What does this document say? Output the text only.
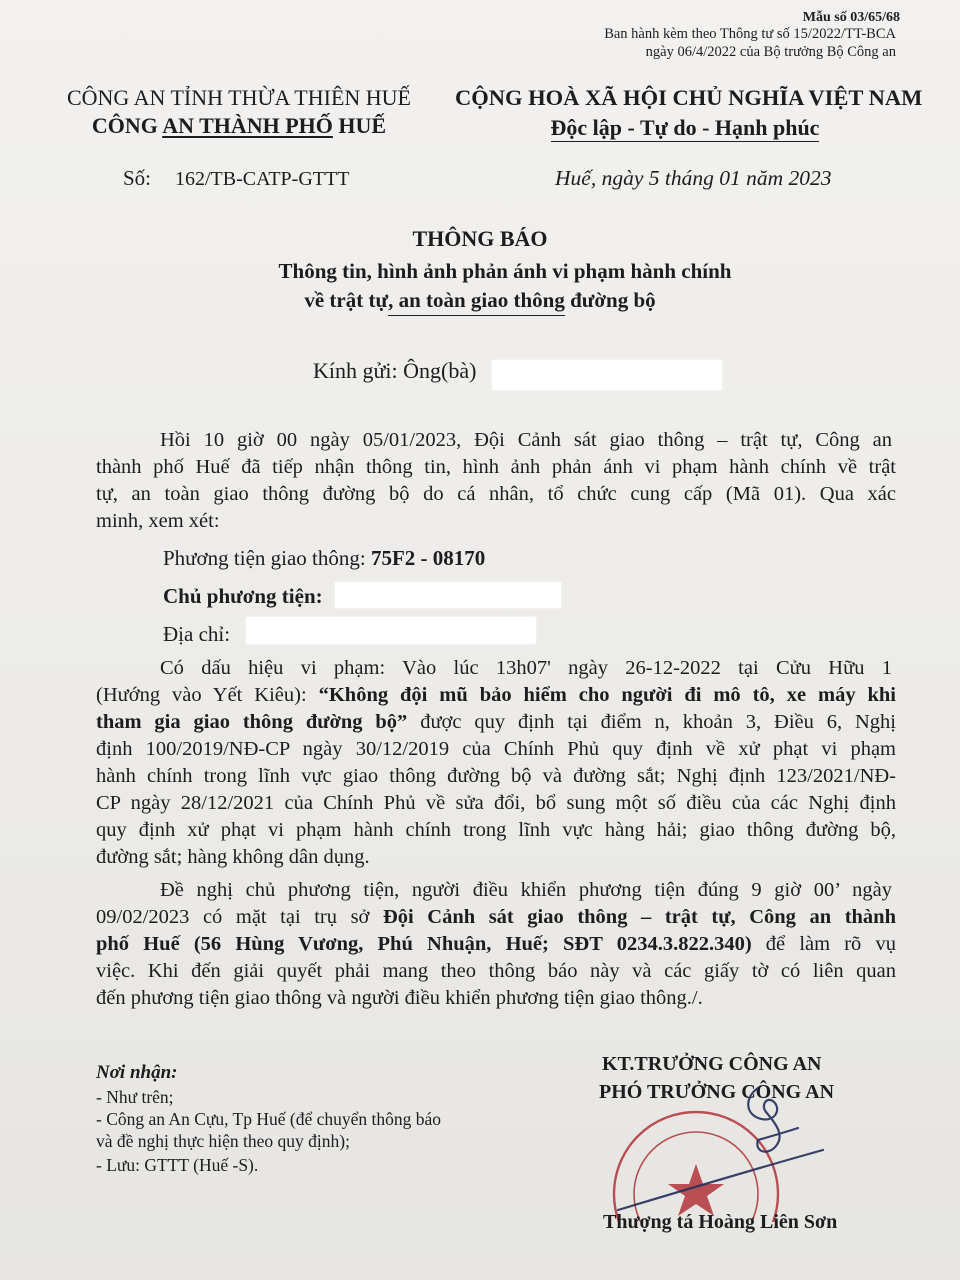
Mẫu số 03/65/68
Ban hành kèm theo Thông tư số 15/2022/TT-BCA
ngày 06/4/2022 của Bộ trưởng Bộ Công an
CÔNG AN TỈNH THỪA THIÊN HUẾ
CÔNG AN THÀNH PHỐ HUẾ
CỘNG HOÀ XÃ HỘI CHỦ NGHĨA VIỆT NAM
Độc lập - Tự do - Hạnh phúc
Số: 162/TB-CATP-GTTT	Huế, ngày 5 tháng 01 năm 2023
THÔNG BÁO
Thông tin, hình ảnh phản ánh vi phạm hành chính
về trật tự, an toàn giao thông đường bộ
Kính gửi: Ông(bà)
Hồi 10 giờ 00 ngày 05/01/2023, Đội Cảnh sát giao thông – trật tự, Công an
thành phố Huế đã tiếp nhận thông tin, hình ảnh phản ánh vi phạm hành chính về trật
tự, an toàn giao thông đường bộ do cá nhân, tổ chức cung cấp (Mã 01). Qua xác
minh, xem xét:
Phương tiện giao thông: 75F2 - 08170
Chủ phương tiện:
Địa chỉ:
Có dấu hiệu vi phạm: Vào lúc 13h07' ngày 26-12-2022 tại Cửu Hữu 1
(Hướng vào Yết Kiêu): “Không đội mũ bảo hiểm cho người đi mô tô, xe máy khi
tham gia giao thông đường bộ” được quy định tại điểm n, khoản 3, Điều 6, Nghị
định 100/2019/NĐ-CP ngày 30/12/2019 của Chính Phủ quy định về xử phạt vi phạm
hành chính trong lĩnh vực giao thông đường bộ và đường sắt; Nghị định 123/2021/NĐ-
CP ngày 28/12/2021 của Chính Phủ về sửa đổi, bổ sung một số điều của các Nghị định
quy định xử phạt vi phạm hành chính trong lĩnh vực hàng hải; giao thông đường bộ,
đường sắt; hàng không dân dụng.
Đề nghị chủ phương tiện, người điều khiển phương tiện đúng 9 giờ 00’ ngày
09/02/2023 có mặt tại trụ sở Đội Cảnh sát giao thông – trật tự, Công an thành
phố Huế (56 Hùng Vương, Phú Nhuận, Huế; SĐT 0234.3.822.340) để làm rõ vụ
việc. Khi đến giải quyết phải mang theo thông báo này và các giấy tờ có liên quan
đến phương tiện giao thông và người điều khiển phương tiện giao thông./.
Nơi nhận:
- Như trên;
- Công an An Cựu, Tp Huế (để chuyển thông báo
và đề nghị thực hiện theo quy định);
- Lưu: GTTT (Huế -S).
KT.TRƯỞNG CÔNG AN
PHÓ TRƯỞNG CÔNG AN
Thượng tá Hoàng Liên Sơn
